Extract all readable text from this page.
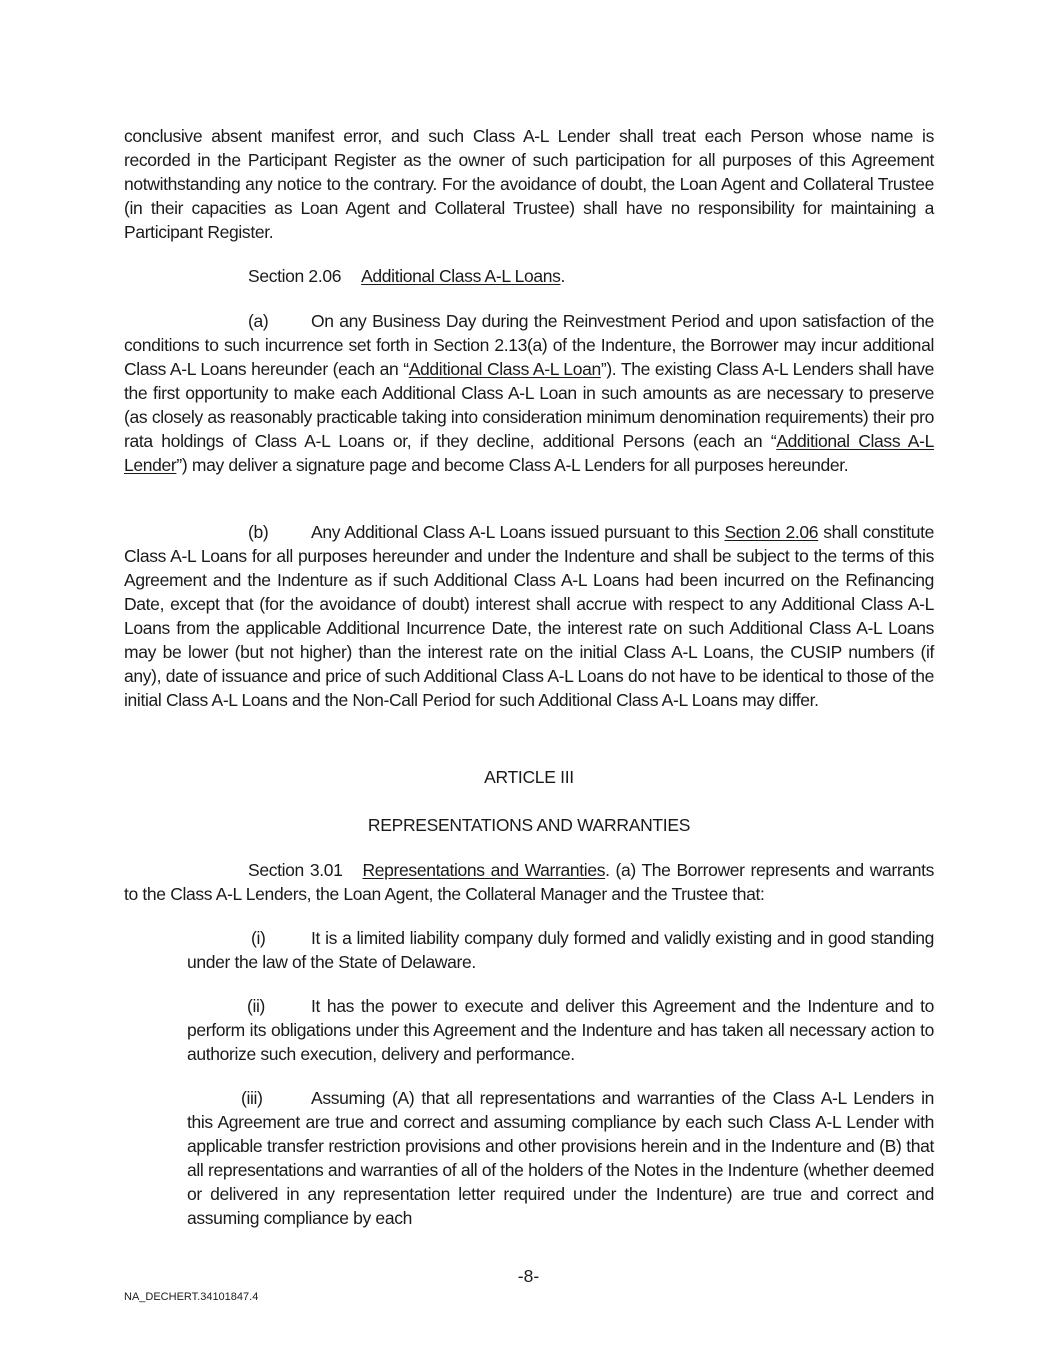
conclusive absent manifest error, and such Class A-L Lender shall treat each Person whose name is recorded in the Participant Register as the owner of such participation for all purposes of this Agreement notwithstanding any notice to the contrary. For the avoidance of doubt, the Loan Agent and Collateral Trustee (in their capacities as Loan Agent and Collateral Trustee) shall have no responsibility for maintaining a Participant Register.
Section 2.06 Additional Class A-L Loans.
(a) On any Business Day during the Reinvestment Period and upon satisfaction of the conditions to such incurrence set forth in Section 2.13(a) of the Indenture, the Borrower may incur additional Class A-L Loans hereunder (each an “Additional Class A-L Loan”). The existing Class A-L Lenders shall have the first opportunity to make each Additional Class A-L Loan in such amounts as are necessary to preserve (as closely as reasonably practicable taking into consideration minimum denomination requirements) their pro rata holdings of Class A-L Loans or, if they decline, additional Persons (each an “Additional Class A-L Lender”) may deliver a signature page and become Class A-L Lenders for all purposes hereunder.
(b) Any Additional Class A-L Loans issued pursuant to this Section 2.06 shall constitute Class A-L Loans for all purposes hereunder and under the Indenture and shall be subject to the terms of this Agreement and the Indenture as if such Additional Class A-L Loans had been incurred on the Refinancing Date, except that (for the avoidance of doubt) interest shall accrue with respect to any Additional Class A-L Loans from the applicable Additional Incurrence Date, the interest rate on such Additional Class A-L Loans may be lower (but not higher) than the interest rate on the initial Class A-L Loans, the CUSIP numbers (if any), date of issuance and price of such Additional Class A-L Loans do not have to be identical to those of the initial Class A-L Loans and the Non-Call Period for such Additional Class A-L Loans may differ.
ARTICLE III
REPRESENTATIONS AND WARRANTIES
Section 3.01 Representations and Warranties. (a) The Borrower represents and warrants to the Class A-L Lenders, the Loan Agent, the Collateral Manager and the Trustee that:
(i)	It is a limited liability company duly formed and validly existing and in good standing under the law of the State of Delaware.
(ii)	It has the power to execute and deliver this Agreement and the Indenture and to perform its obligations under this Agreement and the Indenture and has taken all necessary action to authorize such execution, delivery and performance.
(iii)	Assuming (A) that all representations and warranties of the Class A-L Lenders in this Agreement are true and correct and assuming compliance by each such Class A-L Lender with applicable transfer restriction provisions and other provisions herein and in the Indenture and (B) that all representations and warranties of all of the holders of the Notes in the Indenture (whether deemed or delivered in any representation letter required under the Indenture) are true and correct and assuming compliance by each
-8-
NA_DECHERT.34101847.4
